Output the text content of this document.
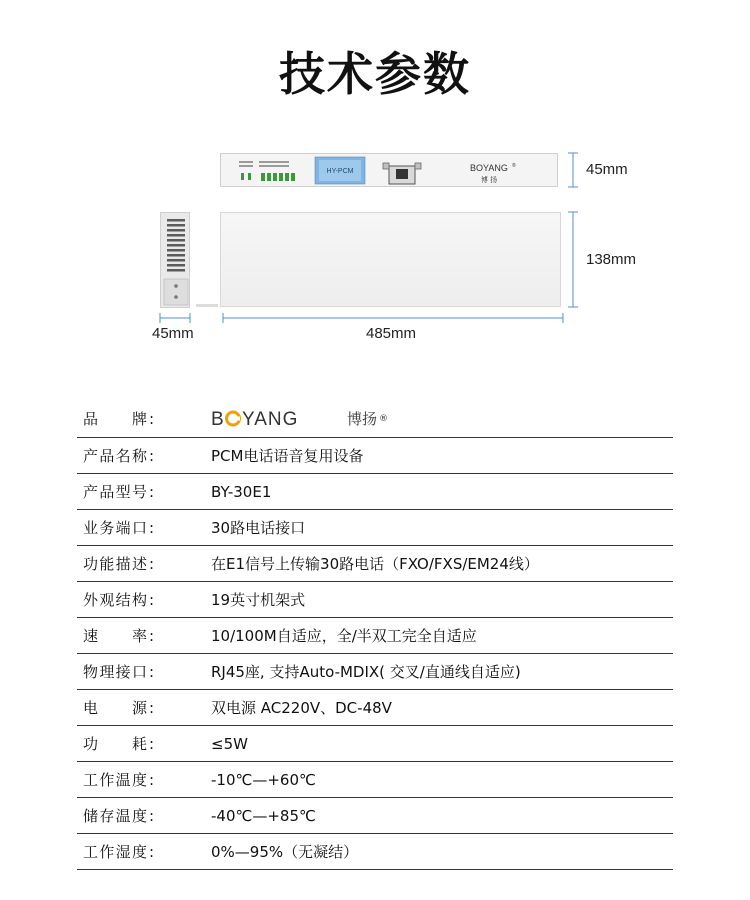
技术参数
HY-PCM	BOYANG ®
博 扬
45mm
138mm
45mm	485mm
品　　牌 :	B YANG	博扬 ®
产品名称 :	PCM电话语音复用设备
产品型号 :	BY-30E1
业务端口 :	30路电话接口
功能描述 :	在E1信号上传输30路电话（FXO/FXS/EM24线）
外观结构 :	19英寸机架式
速　　率 :	10/100M自适应，全/半双工完全自适应
物理接口 :	RJ45座, 支持Auto-MDIX( 交叉/直通线自适应)
电　　源 :	双电源 AC220V、DC-48V
功　　耗 :	≤5W
工作温度 :	-10℃—+60℃
储存温度 :	-40℃—+85℃
工作湿度 :	0%—95%（无凝结）
